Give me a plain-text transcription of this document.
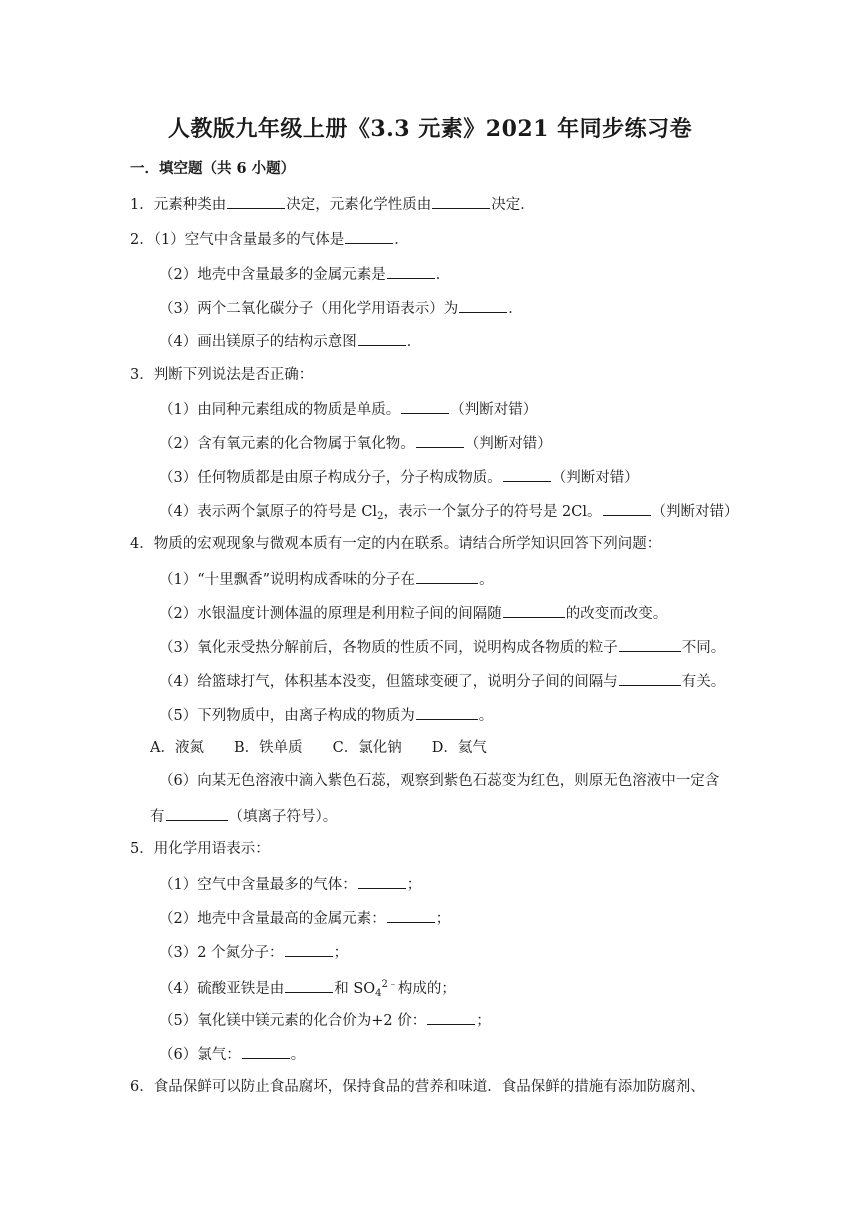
人教版九年级上册《3.3 元素》2021 年同步练习卷
一．填空题（共 6 小题）
1．元素种类由	决定，元素化学性质由	决定．
2．（1）空气中含量最多的气体是	．
（2）地壳中含量最多的金属元素是	．
（3）两个二氧化碳分子（用化学用语表示）为	．
（4）画出镁原子的结构示意图	．
3．判断下列说法是否正确：
（1）由同种元素组成的物质是单质。	（判断对错）
（2）含有氧元素的化合物属于氧化物。	（判断对错）
（3）任何物质都是由原子构成分子，分子构成物质。	（判断对错）
（4）表示两个氯原子的符号是 $Cl_2$，表示一个氯分子的符号是 2Cl。	（判断对错）
4．物质的宏观现象与微观本质有一定的内在联系。请结合所学知识回答下列问题：
（1）“十里飘香”说明构成香味的分子在	。
（2）水银温度计测体温的原理是利用粒子间的间隔随	的改变而改变。
（3）氧化汞受热分解前后，各物质的性质不同，说明构成各物质的粒子	不同。
（4）给篮球打气，体积基本没变，但篮球变硬了，说明分子间的间隔与	有关。
（5）下列物质中，由离子构成的物质为	。
A．液氮 B．铁单质 C．氯化钠 D．氦气
（6）向某无色溶液中滴入紫色石蕊，观察到紫色石蕊变为红色，则原无色溶液中一定含
有	（填离子符号）。
5．用化学用语表示：
（1）空气中含量最多的气体：	；
（2）地壳中含量最高的金属元素：	；
（3）2 个氮分子：	；
（4）硫酸亚铁是由	和 $SO_4^{2﹣}$构成的；
（5）氧化镁中镁元素的化合价为+2 价：	；
（6）氯气：	。
6．食品保鲜可以防止食品腐坏，保持食品的营养和味道．食品保鲜的措施有添加防腐剂、
